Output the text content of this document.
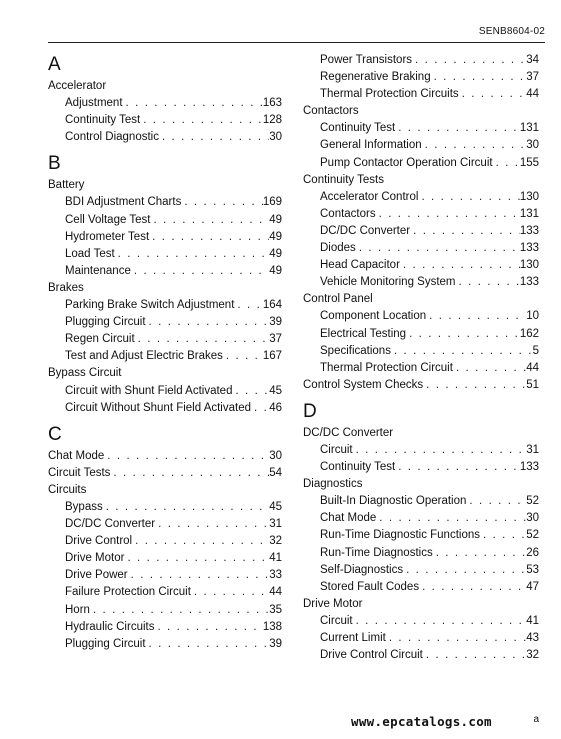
SENB8604-02
A
Accelerator
Adjustment . . .	163
Continuity Test . . .	128
Control Diagnostic . . .	30
B
Battery
BDI Adjustment Charts . . .	169
Cell Voltage Test . . .	49
Hydrometer Test . . .	49
Load Test . . .	49
Maintenance . . .	49
Brakes
Parking Brake Switch Adjustment . . . 164
Plugging Circuit . . .	39
Regen Circuit . . .	37
Test and Adjust Electric Brakes . . .	167
Bypass Circuit
Circuit with Shunt Field Activated . . .	45
Circuit Without Shunt Field Activated . . . 46
C
Chat Mode . . .	30
Circuit Tests . . .	54
Circuits
Bypass . . .	45
DC/DC Converter . . .	31
Drive Control . . .	32
Drive Motor . . .	41
Drive Power . . .	33
Failure Protection Circuit . . .	44
Horn . . .	35
Hydraulic Circuits . . .	138
Plugging Circuit . . .	39
Power Transistors . . .	34
Regenerative Braking . . .	37
Thermal Protection Circuits . . .	44
Contactors
Continuity Test . . .	131
General Information . . .	30
Pump Contactor Operation Circuit . . . 155
Continuity Tests
Accelerator Control . . .	130
Contactors . . .	131
DC/DC Converter . . .	133
Diodes . . .	133
Head Capacitor . . .	130
Vehicle Monitoring System . . .	133
Control Panel
Component Location . . .	10
Electrical Testing . . .	162
Specifications . . .	5
Thermal Protection Circuit . . .	44
Control System Checks . . .	51
D
DC/DC Converter
Circuit . . .	31
Continuity Test . . .	133
Diagnostics
Built-In Diagnostic Operation . . .	52
Chat Mode . . .	30
Run-Time Diagnostic Functions . . .	52
Run-Time Diagnostics . . .	26
Self-Diagnostics . . .	53
Stored Fault Codes . . .	47
Drive Motor
Circuit . . .	41
Current Limit . . .	43
Drive Control Circuit . . .	32
www.epcatalogs.com	a
